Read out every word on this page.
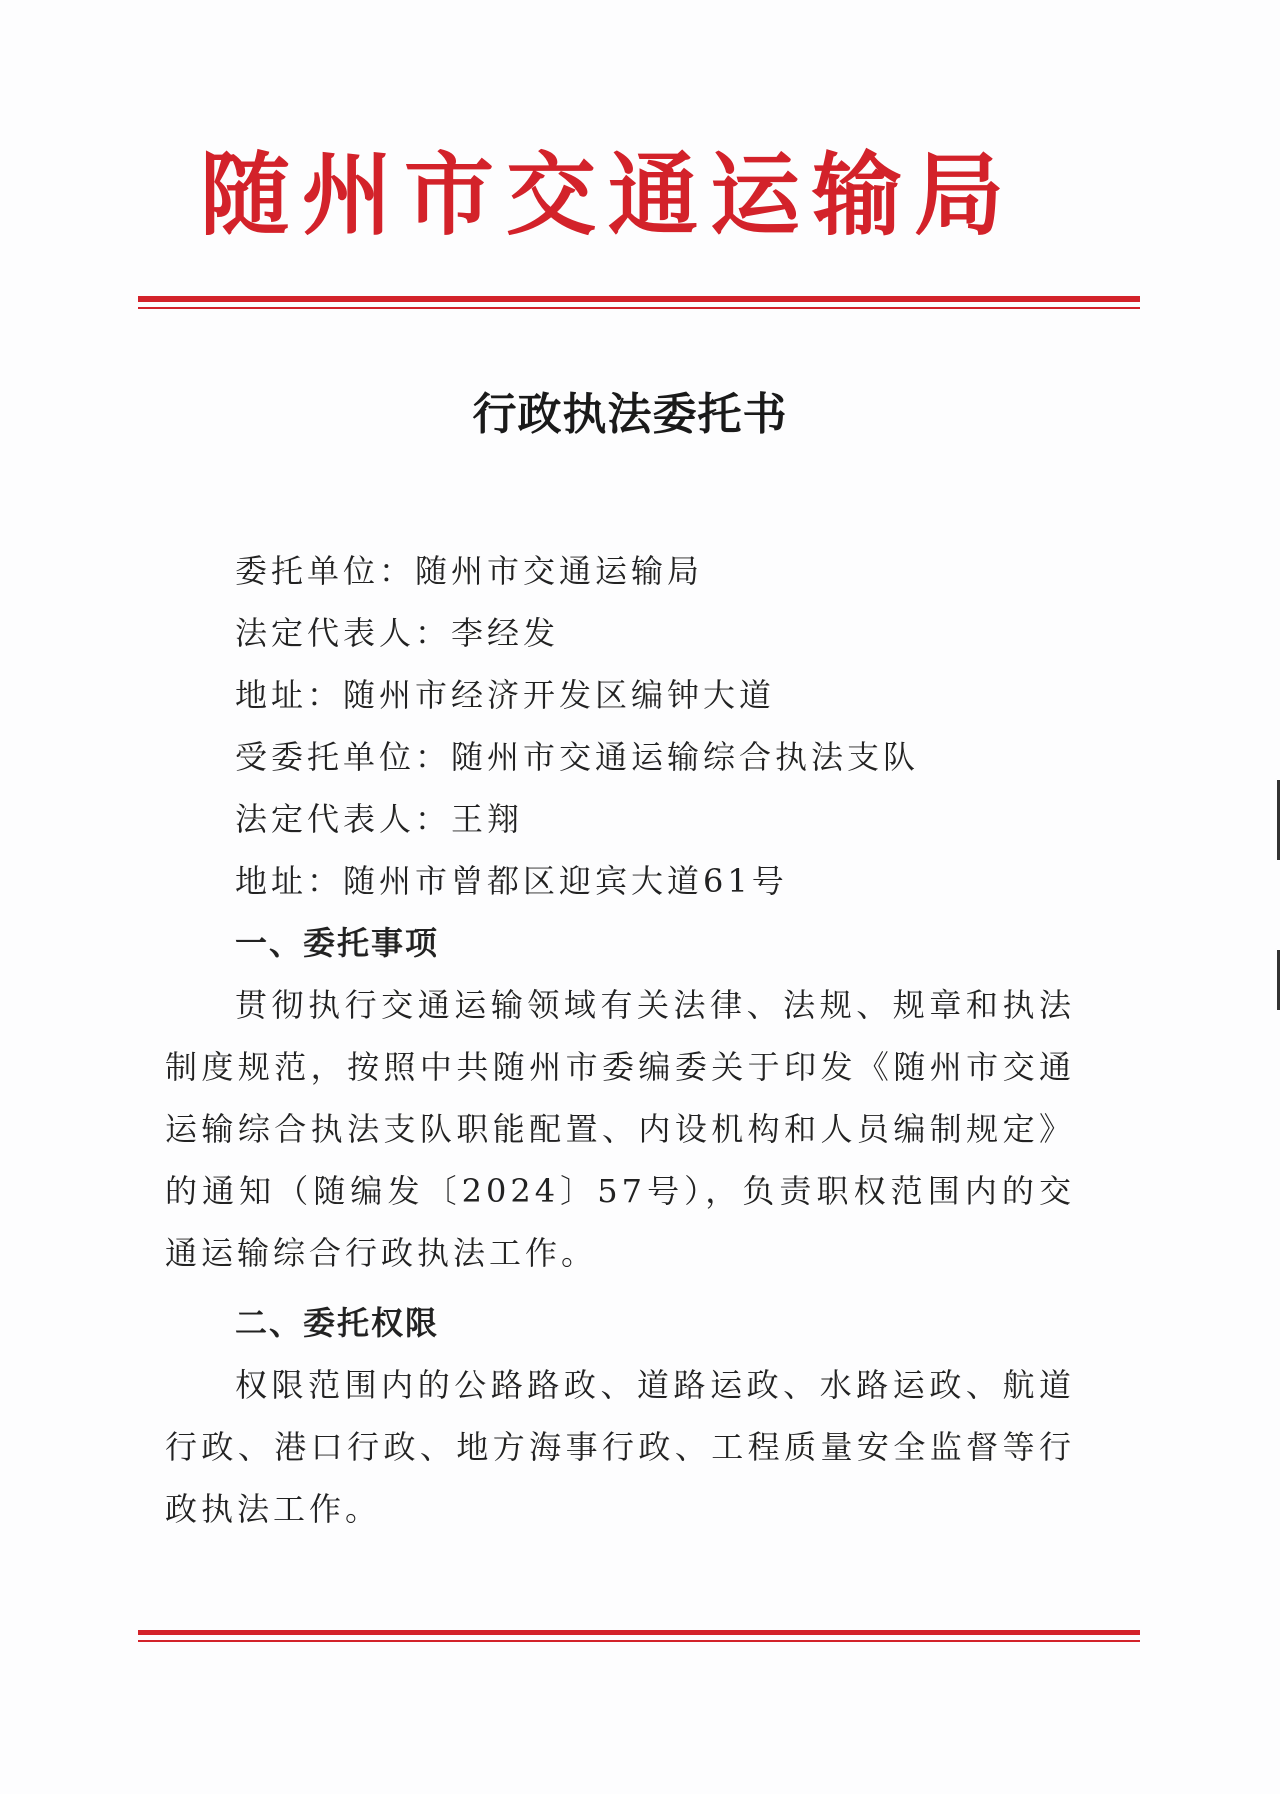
随州市交通运输局
行政执法委托书
委托单位：随州市交通运输局
法定代表人：李经发
地址：随州市经济开发区编钟大道
受委托单位：随州市交通运输综合执法支队
法定代表人：王翔
地址：随州市曾都区迎宾大道61号
一、委托事项
贯彻执行交通运输领域有关法律、法规、规章和执法制度规范，按照中共随州市委编委关于印发《随州市交通运输综合执法支队职能配置、内设机构和人员编制规定》的通知（随编发〔2024〕57号），负责职权范围内的交通运输综合行政执法工作。
二、委托权限
权限范围内的公路路政、道路运政、水路运政、航道行政、港口行政、地方海事行政、工程质量安全监督等行政执法工作。
